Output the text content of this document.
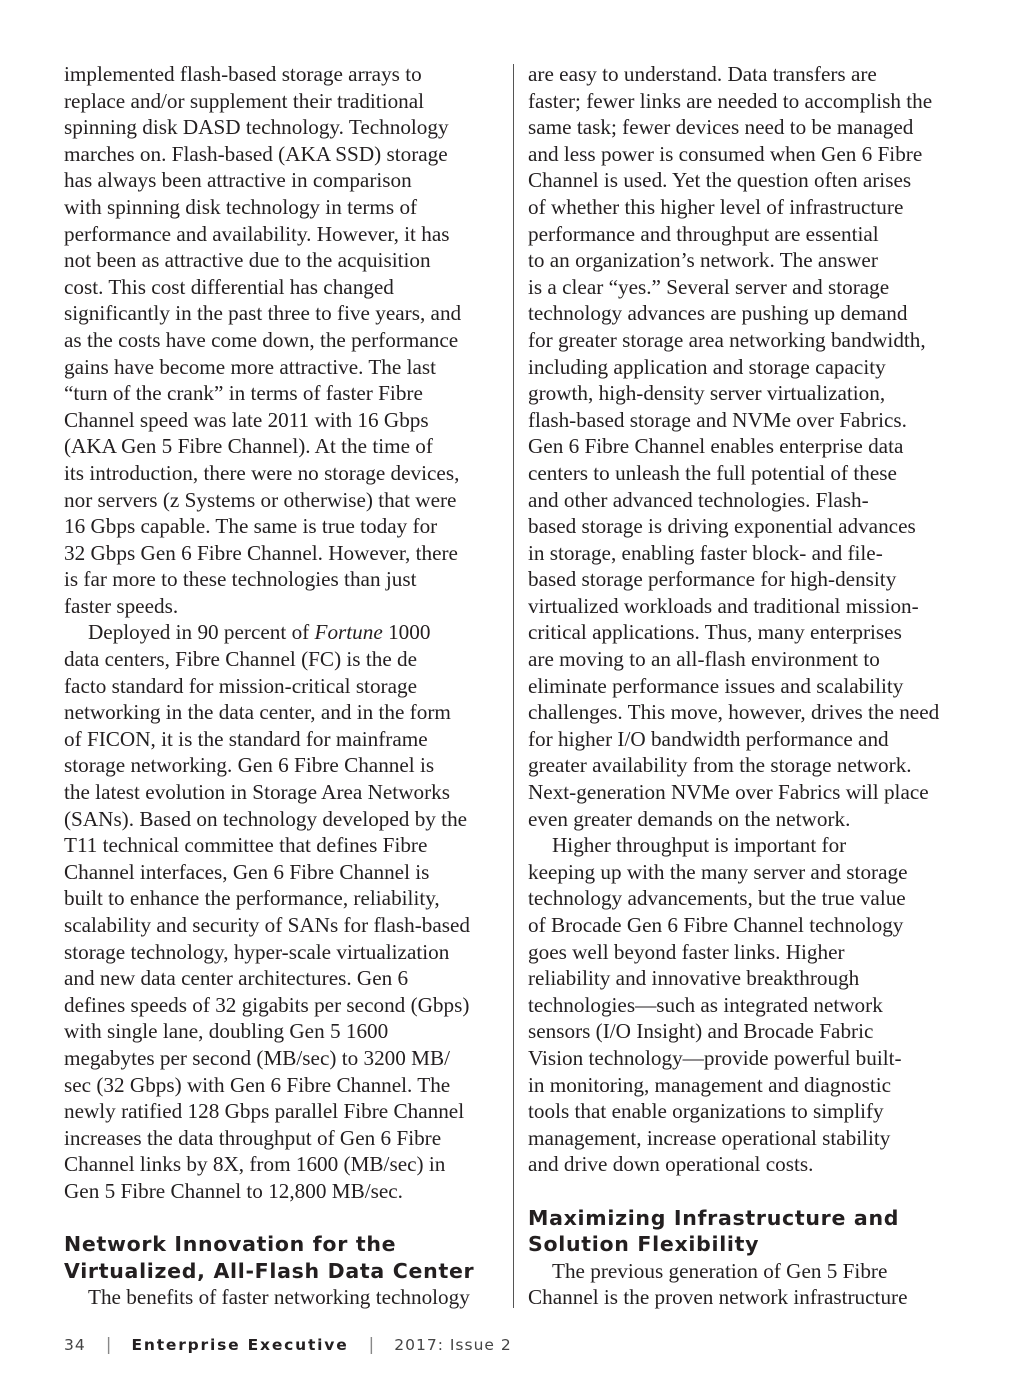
implemented flash-based storage arrays to
replace and/or supplement their traditional
spinning disk DASD technology. Technology
marches on. Flash-based (AKA SSD) storage
has always been attractive in comparison
with spinning disk technology in terms of
performance and availability. However, it has
not been as attractive due to the acquisition
cost. This cost differential has changed
significantly in the past three to five years, and
as the costs have come down, the performance
gains have become more attractive. The last
“turn of the crank” in terms of faster Fibre
Channel speed was late 2011 with 16 Gbps
(AKA Gen 5 Fibre Channel). At the time of
its introduction, there were no storage devices,
nor servers (z Systems or otherwise) that were
16 Gbps capable. The same is true today for
32 Gbps Gen 6 Fibre Channel. However, there
is far more to these technologies than just
faster speeds.
Deployed in 90 percent of Fortune 1000
data centers, Fibre Channel (FC) is the de
facto standard for mission-critical storage
networking in the data center, and in the form
of FICON, it is the standard for mainframe
storage networking. Gen 6 Fibre Channel is
the latest evolution in Storage Area Networks
(SANs). Based on technology developed by the
T11 technical committee that defines Fibre
Channel interfaces, Gen 6 Fibre Channel is
built to enhance the performance, reliability,
scalability and security of SANs for flash-based
storage technology, hyper-scale virtualization
and new data center architectures. Gen 6
defines speeds of 32 gigabits per second (Gbps)
with single lane, doubling Gen 5 1600
megabytes per second (MB/sec) to 3200 MB/
sec (32 Gbps) with Gen 6 Fibre Channel. The
newly ratified 128 Gbps parallel Fibre Channel
increases the data throughput of Gen 6 Fibre
Channel links by 8X, from 1600 (MB/sec) in
Gen 5 Fibre Channel to 12,800 MB/sec.
Network Innovation for the
Virtualized, All-Flash Data Center
The benefits of faster networking technology
are easy to understand. Data transfers are
faster; fewer links are needed to accomplish the
same task; fewer devices need to be managed
and less power is consumed when Gen 6 Fibre
Channel is used. Yet the question often arises
of whether this higher level of infrastructure
performance and throughput are essential
to an organization’s network. The answer
is a clear “yes.” Several server and storage
technology advances are pushing up demand
for greater storage area networking bandwidth,
including application and storage capacity
growth, high-density server virtualization,
flash-based storage and NVMe over Fabrics.
Gen 6 Fibre Channel enables enterprise data
centers to unleash the full potential of these
and other advanced technologies. Flash-
based storage is driving exponential advances
in storage, enabling faster block- and file-
based storage performance for high-density
virtualized workloads and traditional mission-
critical applications. Thus, many enterprises
are moving to an all-flash environment to
eliminate performance issues and scalability
challenges. This move, however, drives the need
for higher I/O bandwidth performance and
greater availability from the storage network.
Next-generation NVMe over Fabrics will place
even greater demands on the network.
Higher throughput is important for
keeping up with the many server and storage
technology advancements, but the true value
of Brocade Gen 6 Fibre Channel technology
goes well beyond faster links. Higher
reliability and innovative breakthrough
technologies—such as integrated network
sensors (I/O Insight) and Brocade Fabric
Vision technology—provide powerful built-
in monitoring, management and diagnostic
tools that enable organizations to simplify
management, increase operational stability
and drive down operational costs.
Maximizing Infrastructure and
Solution Flexibility
The previous generation of Gen 5 Fibre
Channel is the proven network infrastructure
34 | Enterprise Executive | 2017: Issue 2
